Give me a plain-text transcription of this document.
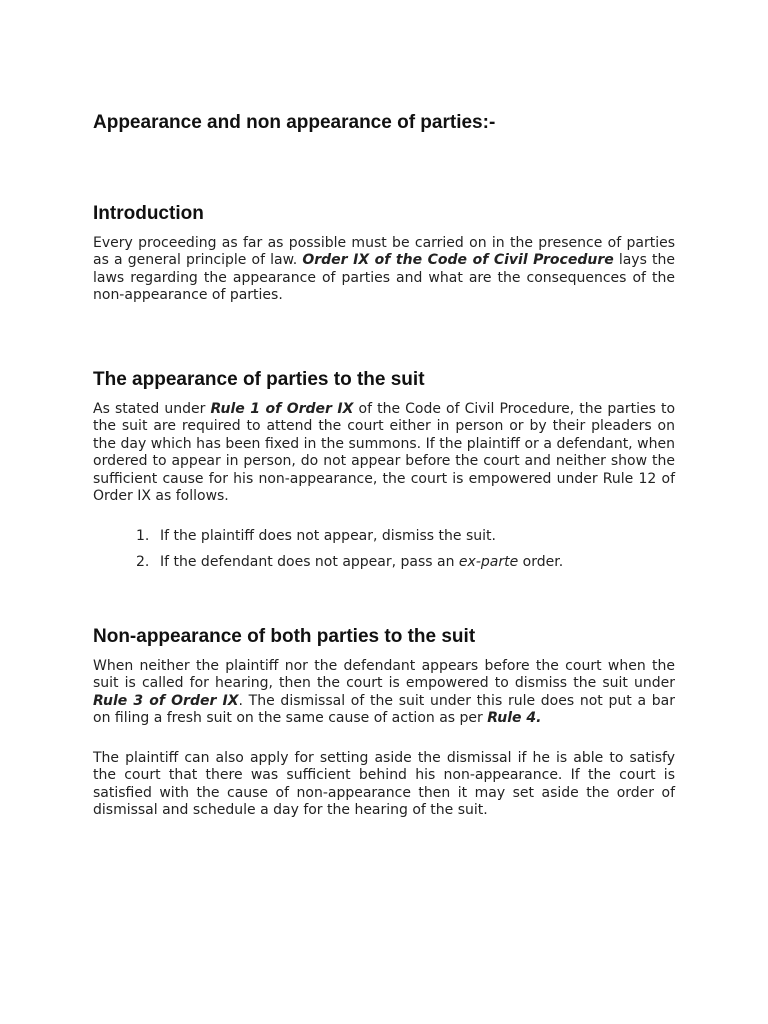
Appearance and non appearance of parties:-
Introduction

Every proceeding as far as possible must be carried on in the presence of parties as a general principle of law. Order IX of the Code of Civil Procedure lays the laws regarding the appearance of parties and what are the consequences of the non-appearance of parties.

The appearance of parties to the suit

As stated under Rule 1 of Order IX of the Code of Civil Procedure, the parties to the suit are required to attend the court either in person or by their pleaders on the day which has been fixed in the summons. If the plaintiff or a defendant, when ordered to appear in person, do not appear before the court and neither show the sufficient cause for his non-appearance, the court is empowered under Rule 12 of Order IX as follows.

1. If the plaintiff does not appear, dismiss the suit.
2. If the defendant does not appear, pass an ex-parte order.
Non-appearance of both parties to the suit

When neither the plaintiff nor the defendant appears before the court when the suit is called for hearing, then the court is empowered to dismiss the suit under Rule 3 of Order IX. The dismissal of the suit under this rule does not put a bar on filing a fresh suit on the same cause of action as per Rule 4.

The plaintiff can also apply for setting aside the dismissal if he is able to satisfy the court that there was sufficient behind his non-appearance. If the court is satisfied with the cause of non-appearance then it may set aside the order of dismissal and schedule a day for the hearing of the suit.
